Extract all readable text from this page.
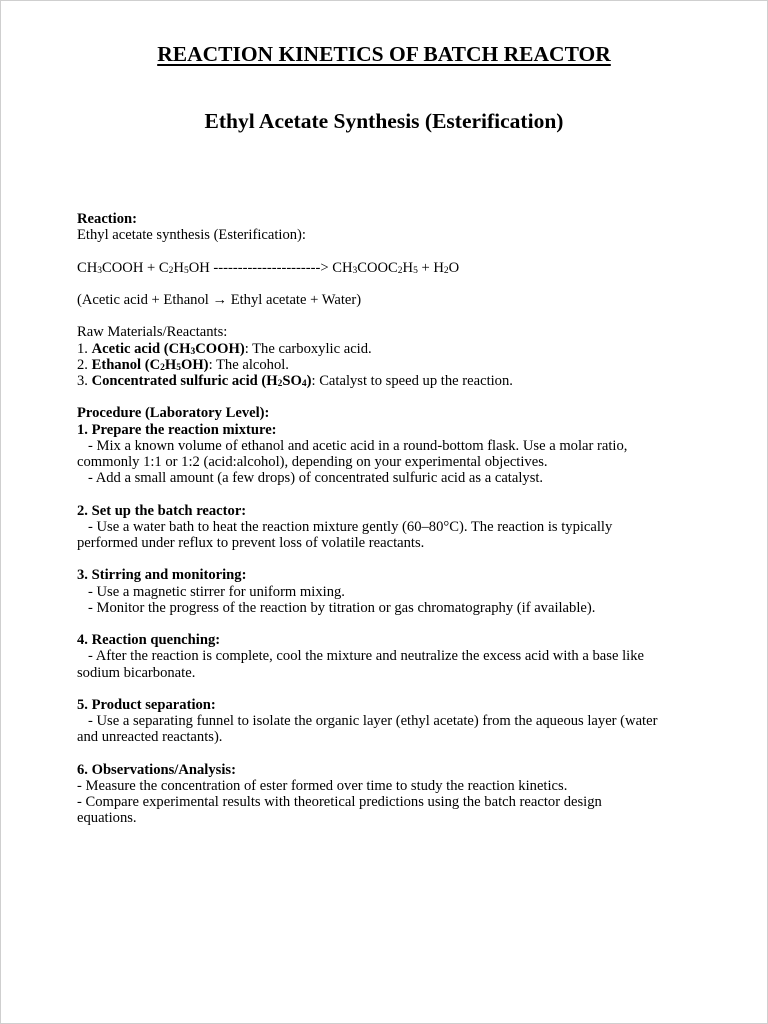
REACTION KINETICS OF BATCH REACTOR
Ethyl Acetate Synthesis (Esterification)
Reaction:
Ethyl acetate synthesis (Esterification):
$CH_3COOH + C_2H_5OH$ ----------------------> $CH_3COOC_2H_5 + H_2O$
(Acetic acid + Ethanol → Ethyl acetate + Water)
Raw Materials/Reactants:
1. Acetic acid $(CH_3COOH)$: The carboxylic acid.
2. Ethanol $(C_2H_5OH)$: The alcohol.
3. Concentrated sulfuric acid $(H_2SO_4)$: Catalyst to speed up the reaction.
Procedure (Laboratory Level):
1. Prepare the reaction mixture:
- Mix a known volume of ethanol and acetic acid in a round-bottom flask. Use a molar ratio,
commonly 1:1 or 1:2 (acid:alcohol), depending on your experimental objectives.
- Add a small amount (a few drops) of concentrated sulfuric acid as a catalyst.
2. Set up the batch reactor:
- Use a water bath to heat the reaction mixture gently (60–80°C). The reaction is typically
performed under reflux to prevent loss of volatile reactants.
3. Stirring and monitoring:
- Use a magnetic stirrer for uniform mixing.
- Monitor the progress of the reaction by titration or gas chromatography (if available).
4. Reaction quenching:
- After the reaction is complete, cool the mixture and neutralize the excess acid with a base like
sodium bicarbonate.
5. Product separation:
- Use a separating funnel to isolate the organic layer (ethyl acetate) from the aqueous layer (water
and unreacted reactants).
6. Observations/Analysis:
- Measure the concentration of ester formed over time to study the reaction kinetics.
- Compare experimental results with theoretical predictions using the batch reactor design
equations.
